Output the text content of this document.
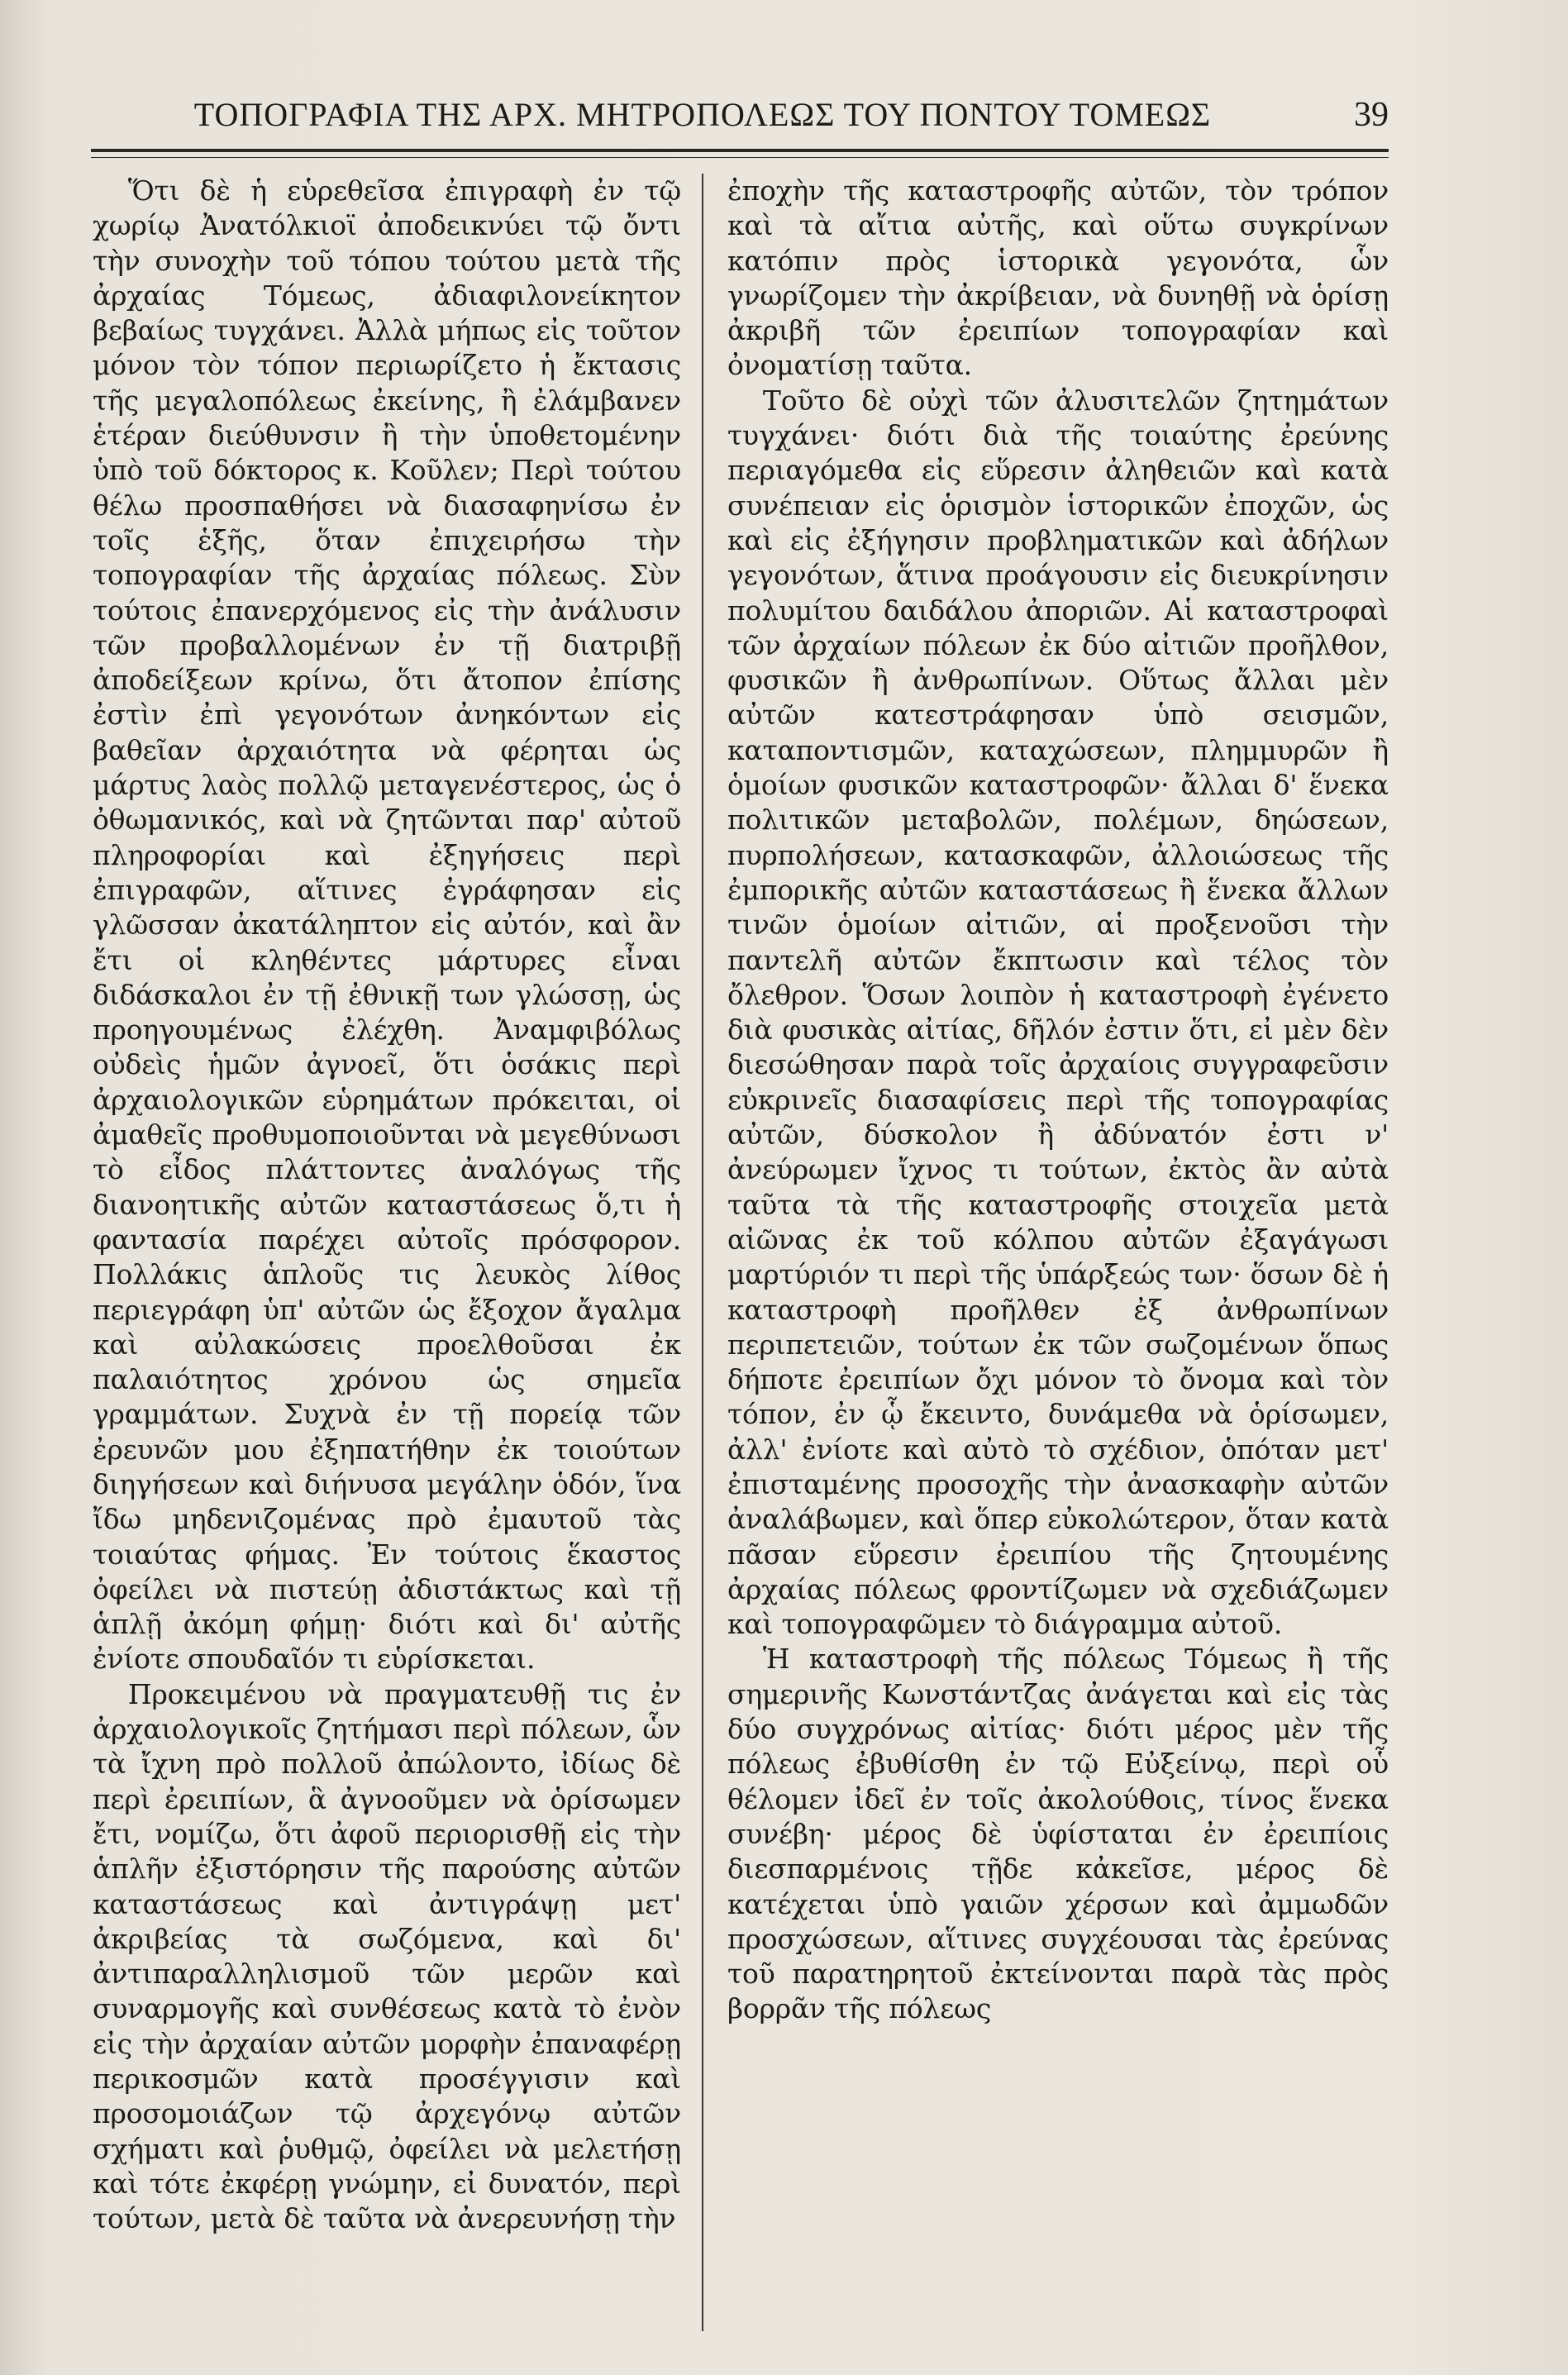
ΤΟΠΟΓΡΑΦΙΑ ΤΗΣ ΑΡΧ. ΜΗΤΡΟΠΟΛΕΩΣ ΤΟΥ ΠΟΝΤΟΥ ΤΟΜΕΩΣ	39

Ὅτι δὲ ἡ εὑρεθεῖσα ἐπιγραφὴ ἐν τῷ χωρίῳ Ἀνατόλκιοϊ ἀποδεικνύει τῷ ὄντι τὴν συνοχὴν τοῦ τόπου τούτου μετὰ τῆς ἀρχαίας Τόμεως, ἀδιαφιλονείκητον βεβαίως τυγχάνει. Ἀλλὰ μήπως εἰς τοῦτον μόνον τὸν τόπον περιωρίζετο ἡ ἔκτασις τῆς μεγαλοπόλεως ἐκείνης, ἢ ἐλάμβανεν ἑτέραν διεύθυνσιν ἢ τὴν ὑποθετομένην ὑπὸ τοῦ δόκτορος κ. Κοῦλεν; Περὶ τούτου θέλω προσπαθήσει νὰ διασαφηνίσω ἐν τοῖς ἑξῆς, ὅταν ἐπιχειρήσω τὴν τοπογραφίαν τῆς ἀρχαίας πόλεως. Σὺν τούτοις ἐπανερχόμενος εἰς τὴν ἀνάλυσιν τῶν προβαλλομένων ἐν τῇ διατριβῇ ἀποδείξεων κρίνω, ὅτι ἄτοπον ἐπίσης ἐστὶν ἐπὶ γεγονότων ἀνηκόντων εἰς βαθεῖαν ἀρχαιότητα νὰ φέρηται ὡς μάρτυς λαὸς πολλῷ μεταγενέστερος, ὡς ὁ ὀθωμανικός, καὶ νὰ ζητῶνται παρ' αὐτοῦ πληροφορίαι καὶ ἐξηγήσεις περὶ ἐπιγραφῶν, αἵτινες ἐγράφησαν εἰς γλῶσσαν ἀκατάληπτον εἰς αὐτόν, καὶ ἂν ἔτι οἱ κληθέντες μάρτυρες εἶναι διδάσκαλοι ἐν τῇ ἐθνικῇ των γλώσσῃ, ὡς προηγουμένως ἐλέχθη. Ἀναμφιβόλως οὐδεὶς ἡμῶν ἀγνοεῖ, ὅτι ὁσάκις περὶ ἀρχαιολογικῶν εὑρημάτων πρόκειται, οἱ ἀμαθεῖς προθυμοποιοῦνται νὰ μεγεθύνωσι τὸ εἶδος πλάττοντες ἀναλόγως τῆς διανοητικῆς αὐτῶν καταστάσεως ὅ,τι ἡ φαντασία παρέχει αὐτοῖς πρόσφορον. Πολλάκις ἁπλοῦς τις λευκὸς λίθος περιεγράφη ὑπ' αὐτῶν ὡς ἔξοχον ἄγαλμα καὶ αὐλακώσεις προελθοῦσαι ἐκ παλαιότητος χρόνου ὡς σημεῖα γραμμάτων. Συχνὰ ἐν τῇ πορείᾳ τῶν ἐρευνῶν μου ἐξηπατήθην ἐκ τοιούτων διηγήσεων καὶ διήνυσα μεγάλην ὁδόν, ἵνα ἴδω μηδενιζομένας πρὸ ἐμαυτοῦ τὰς τοιαύτας φήμας. Ἐν τούτοις ἕκαστος ὀφείλει νὰ πιστεύῃ ἀδιστάκτως καὶ τῇ ἁπλῇ ἀκόμη φήμῃ· διότι καὶ δι' αὐτῆς ἐνίοτε σπουδαῖόν τι εὑρίσκεται.

Προκειμένου νὰ πραγματευθῇ τις ἐν ἀρχαιολογικοῖς ζητήμασι περὶ πόλεων, ὧν τὰ ἴχνη πρὸ πολλοῦ ἀπώλοντο, ἰδίως δὲ περὶ ἐρειπίων, ἃ ἀγνοοῦμεν νὰ ὁρίσωμεν ἔτι, νομίζω, ὅτι ἀφοῦ περιορισθῇ εἰς τὴν ἁπλῆν ἐξιστόρησιν τῆς παρούσης αὐτῶν καταστάσεως καὶ ἀντιγράψῃ μετ' ἀκριβείας τὰ σωζόμενα, καὶ δι' ἀντιπαραλληλισμοῦ τῶν μερῶν καὶ συναρμογῆς καὶ συνθέσεως κατὰ τὸ ἐνὸν εἰς τὴν ἀρχαίαν αὐτῶν μορφὴν ἐπαναφέρῃ περικοσμῶν κατὰ προσέγγισιν καὶ προσομοιάζων τῷ ἀρχεγόνῳ αὐτῶν σχήματι καὶ ῥυθμῷ, ὀφείλει νὰ μελετήσῃ καὶ τότε ἐκφέρῃ γνώμην, εἰ δυνατόν, περὶ τούτων, μετὰ δὲ ταῦτα νὰ ἀνερευνήσῃ τὴν

ἐποχὴν τῆς καταστροφῆς αὐτῶν, τὸν τρόπον καὶ τὰ αἴτια αὐτῆς, καὶ οὕτω συγκρίνων κατόπιν πρὸς ἱστορικὰ γεγονότα, ὧν γνωρίζομεν τὴν ἀκρίβειαν, νὰ δυνηθῇ νὰ ὁρίσῃ ἀκριβῆ τῶν ἐρειπίων τοπογραφίαν καὶ ὀνοματίσῃ ταῦτα.

Τοῦτο δὲ οὐχὶ τῶν ἀλυσιτελῶν ζητημάτων τυγχάνει· διότι διὰ τῆς τοιαύτης ἐρεύνης περιαγόμεθα εἰς εὕρεσιν ἀληθειῶν καὶ κατὰ συνέπειαν εἰς ὁρισμὸν ἱστορικῶν ἐποχῶν, ὡς καὶ εἰς ἐξήγησιν προβληματικῶν καὶ ἀδήλων γεγονότων, ἅτινα προάγουσιν εἰς διευκρίνησιν πολυμίτου δαιδάλου ἀποριῶν. Αἱ καταστροφαὶ τῶν ἀρχαίων πόλεων ἐκ δύο αἰτιῶν προῆλθον, φυσικῶν ἢ ἀνθρωπίνων. Οὕτως ἄλλαι μὲν αὐτῶν κατεστράφησαν ὑπὸ σεισμῶν, καταποντισμῶν, καταχώσεων, πλημμυρῶν ἢ ὁμοίων φυσικῶν καταστροφῶν· ἄλλαι δ' ἕνεκα πολιτικῶν μεταβολῶν, πολέμων, δηώσεων, πυρπολήσεων, κατασκαφῶν, ἀλλοιώσεως τῆς ἐμπορικῆς αὐτῶν καταστάσεως ἢ ἕνεκα ἄλλων τινῶν ὁμοίων αἰτιῶν, αἱ προξενοῦσι τὴν παντελῆ αὐτῶν ἔκπτωσιν καὶ τέλος τὸν ὄλεθρον. Ὅσων λοιπὸν ἡ καταστροφὴ ἐγένετο διὰ φυσικὰς αἰτίας, δῆλόν ἐστιν ὅτι, εἰ μὲν δὲν διεσώθησαν παρὰ τοῖς ἀρχαίοις συγγραφεῦσιν εὐκρινεῖς διασαφίσεις περὶ τῆς τοπογραφίας αὐτῶν, δύσκολον ἢ ἀδύνατόν ἐστι ν' ἀνεύρωμεν ἴχνος τι τούτων, ἐκτὸς ἂν αὐτὰ ταῦτα τὰ τῆς καταστροφῆς στοιχεῖα μετὰ αἰῶνας ἐκ τοῦ κόλπου αὐτῶν ἐξαγάγωσι μαρτύριόν τι περὶ τῆς ὑπάρξεώς των· ὅσων δὲ ἡ καταστροφὴ προῆλθεν ἐξ ἀνθρωπίνων περιπετειῶν, τούτων ἐκ τῶν σωζομένων ὅπως δήποτε ἐρειπίων ὄχι μόνον τὸ ὄνομα καὶ τὸν τόπον, ἐν ᾧ ἔκειντο, δυνάμεθα νὰ ὁρίσωμεν, ἀλλ' ἐνίοτε καὶ αὐτὸ τὸ σχέδιον, ὁπόταν μετ' ἐπισταμένης προσοχῆς τὴν ἀνασκαφὴν αὐτῶν ἀναλάβωμεν, καὶ ὅπερ εὐκολώτερον, ὅταν κατὰ πᾶσαν εὕρεσιν ἐρειπίου τῆς ζητουμένης ἀρχαίας πόλεως φροντίζωμεν νὰ σχεδιάζωμεν καὶ τοπογραφῶμεν τὸ διάγραμμα αὐτοῦ.

Ἡ καταστροφὴ τῆς πόλεως Τόμεως ἢ τῆς σημερινῆς Κωνστάντζας ἀνάγεται καὶ εἰς τὰς δύο συγχρόνως αἰτίας· διότι μέρος μὲν τῆς πόλεως ἐβυθίσθη ἐν τῷ Εὐξείνῳ, περὶ οὗ θέλομεν ἰδεῖ ἐν τοῖς ἀκολούθοις, τίνος ἕνεκα συνέβη· μέρος δὲ ὑφίσταται ἐν ἐρειπίοις διεσπαρμένοις τῇδε κἀκεῖσε, μέρος δὲ κατέχεται ὑπὸ γαιῶν χέρσων καὶ ἀμμωδῶν προσχώσεων, αἵτινες συγχέουσαι τὰς ἐρεύνας τοῦ παρατηρητοῦ ἐκτείνονται παρὰ τὰς πρὸς βορρᾶν τῆς πόλεως
